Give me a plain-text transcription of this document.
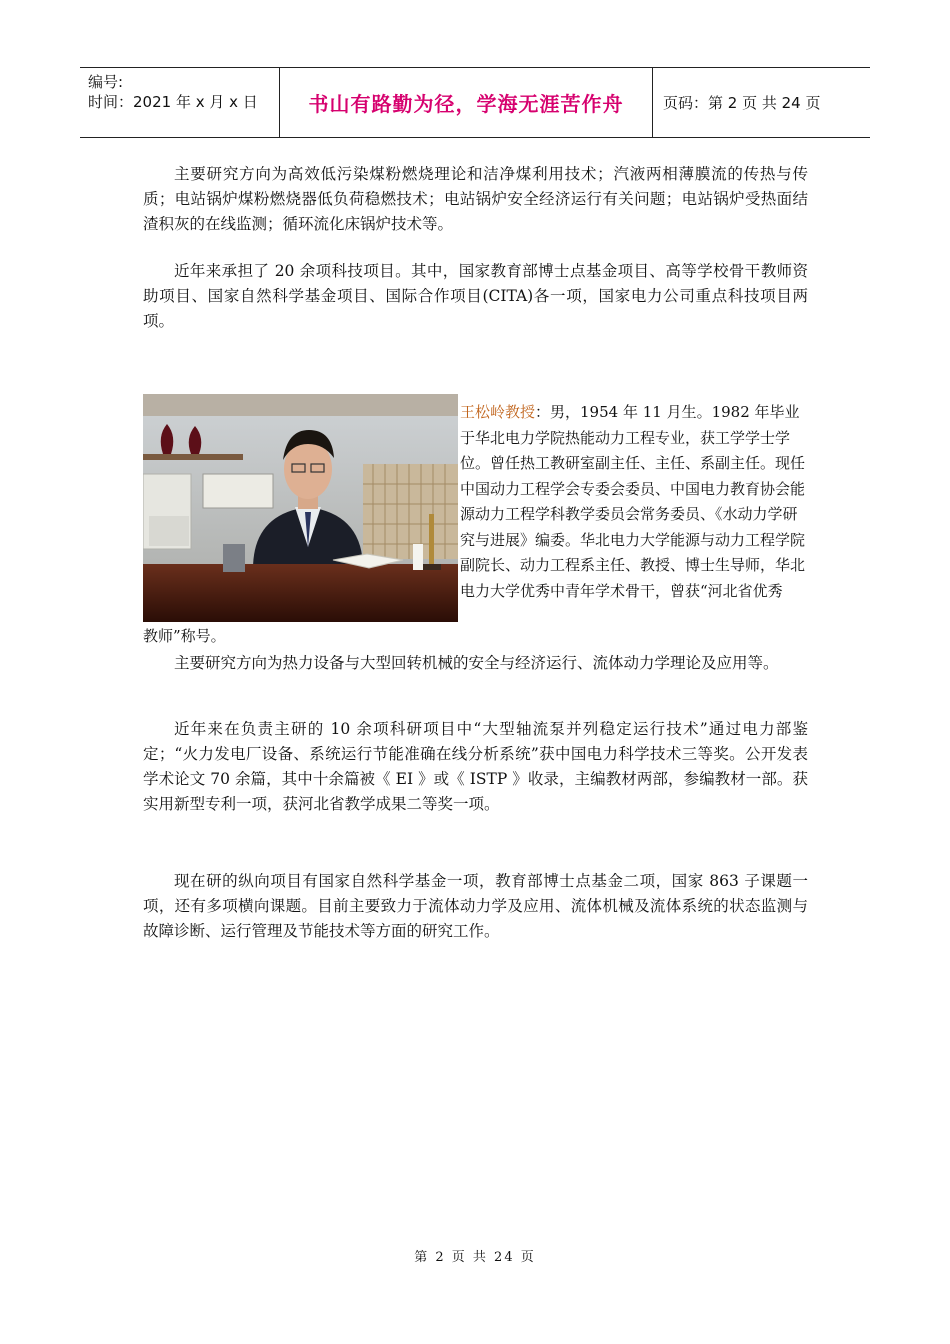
编号:
时间：2021 年 x 月 x 日	书山有路勤为径，学海无涯苦作舟	页码：第 2 页 共 24 页

主要研究方向为高效低污染煤粉燃烧理论和洁净煤利用技术；汽液两相薄膜流的传热与传质；电站锅炉煤粉燃烧器低负荷稳燃技术；电站锅炉安全经济运行有关问题；电站锅炉受热面结渣积灰的在线监测；循环流化床锅炉技术等。

近年来承担了 20 余项科技项目。其中，国家教育部博士点基金项目、高等学校骨干教师资助项目、国家自然科学基金项目、国际合作项目(CITA)各一项，国家电力公司重点科技项目两项。

王松岭教授：男，1954 年 11 月生。1982 年毕业于华北电力学院热能动力工程专业，获工学学士学位。曾任热工教研室副主任、主任、系副主任。现任中国动力工程学会专委会委员、中国电力教育协会能源动力工程学科教学委员会常务委员、《水动力学研究与进展》编委。华北电力大学能源与动力工程学院副院长、动力工程系主任、教授、博士生导师，华北电力大学优秀中青年学术骨干，曾获“河北省优秀

教师”称号。

主要研究方向为热力设备与大型回转机械的安全与经济运行、流体动力学理论及应用等。

近年来在负责主研的 10 余项科研项目中“大型轴流泵并列稳定运行技术”通过电力部鉴定；“火力发电厂设备、系统运行节能准确在线分析系统”获中国电力科学技术三等奖。公开发表学术论文 70 余篇，其中十余篇被《 EI 》或《 ISTP 》收录，主编教材两部，参编教材一部。获实用新型专利一项，获河北省教学成果二等奖一项。

现在研的纵向项目有国家自然科学基金一项，教育部博士点基金二项，国家 863 子课题一项，还有多项横向课题。目前主要致力于流体动力学及应用、流体机械及流体系统的状态监测与故障诊断、运行管理及节能技术等方面的研究工作。

第 2 页 共 24 页
